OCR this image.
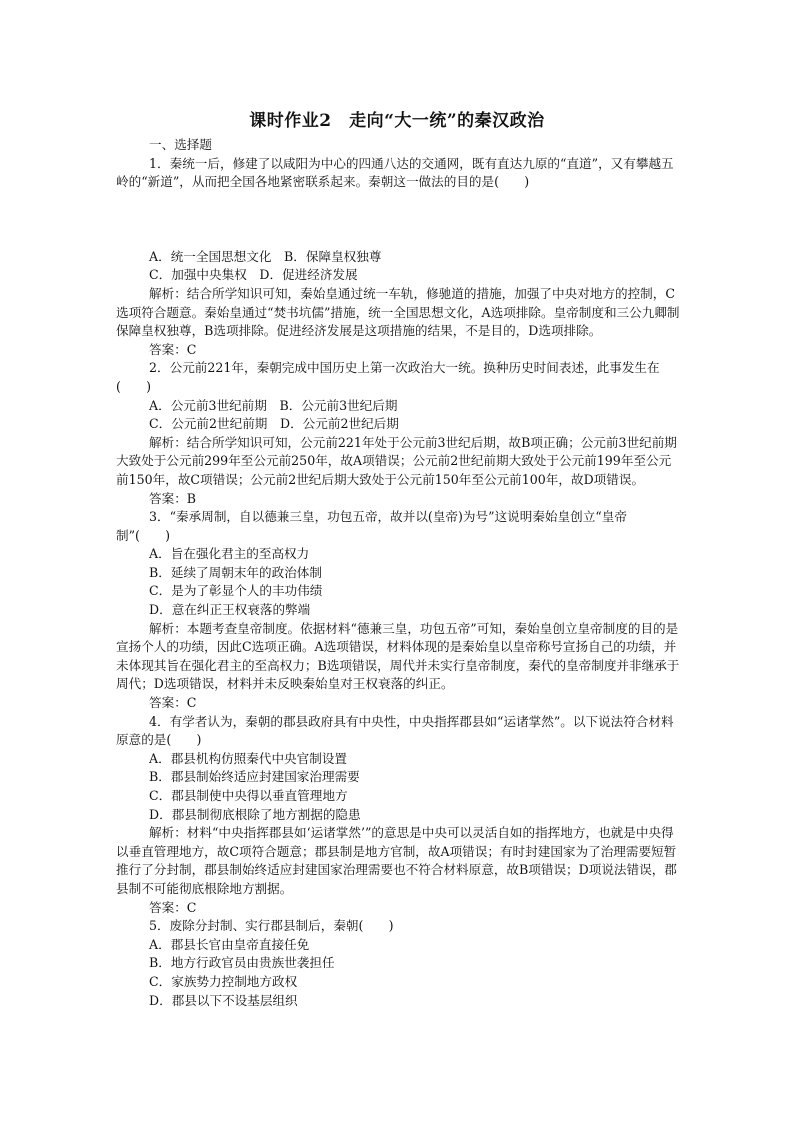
课时作业2　走向“大一统”的秦汉政治

一、选择题

1．秦统一后，修建了以咸阳为中心的四通八达的交通网，既有直达九原的“直道”，又有攀越五岭的“新道”，从而把全国各地紧密联系起来。秦朝这一做法的目的是(　　)

A．统一全国思想文化　B．保障皇权独尊

C．加强中央集权　D．促进经济发展

解析：结合所学知识可知，秦始皇通过统一车轨，修驰道的措施，加强了中央对地方的控制，C选项符合题意。秦始皇通过“焚书坑儒”措施，统一全国思想文化，A选项排除。皇帝制度和三公九卿制保障皇权独尊，B选项排除。促进经济发展是这项措施的结果，不是目的，D选项排除。

答案：C

2．公元前221年，秦朝完成中国历史上第一次政治大一统。换种历史时间表述，此事发生在(　　)

A．公元前3世纪前期　B．公元前3世纪后期

C．公元前2世纪前期　D．公元前2世纪后期

解析：结合所学知识可知，公元前221年处于公元前3世纪后期，故B项正确；公元前3世纪前期大致处于公元前299年至公元前250年，故A项错误；公元前2世纪前期大致处于公元前199年至公元前150年，故C项错误；公元前2世纪后期大致处于公元前150年至公元前100年，故D项错误。

答案：B

3．“秦承周制，自以德兼三皇，功包五帝，故并以(皇帝)为号”这说明秦始皇创立“皇帝制”(　　)

A．旨在强化君主的至高权力

B．延续了周朝末年的政治体制

C．是为了彰显个人的丰功伟绩

D．意在纠正王权衰落的弊端

解析：本题考查皇帝制度。依据材料“德兼三皇，功包五帝”可知，秦始皇创立皇帝制度的目的是宣扬个人的功绩，因此C选项正确。A选项错误，材料体现的是秦始皇以皇帝称号宣扬自己的功绩，并未体现其旨在强化君主的至高权力；B选项错误，周代并未实行皇帝制度，秦代的皇帝制度并非继承于周代；D选项错误，材料并未反映秦始皇对王权衰落的纠正。

答案：C

4．有学者认为，秦朝的郡县政府具有中央性，中央指挥郡县如“运诸掌然”。以下说法符合材料原意的是(　　)

A．郡县机构仿照秦代中央官制设置

B．郡县制始终适应封建国家治理需要

C．郡县制使中央得以垂直管理地方

D．郡县制彻底根除了地方割据的隐患

解析：材料“中央指挥郡县如‘运诸掌然’”的意思是中央可以灵活自如的指挥地方，也就是中央得以垂直管理地方，故C项符合题意；郡县制是地方官制，故A项错误；有时封建国家为了治理需要短暂推行了分封制，郡县制始终适应封建国家治理需要也不符合材料原意，故B项错误；D项说法错误，郡县制不可能彻底根除地方割据。

答案：C

5．废除分封制、实行郡县制后，秦朝(　　)

A．郡县长官由皇帝直接任免

B．地方行政官员由贵族世袭担任

C．家族势力控制地方政权

D．郡县以下不设基层组织
